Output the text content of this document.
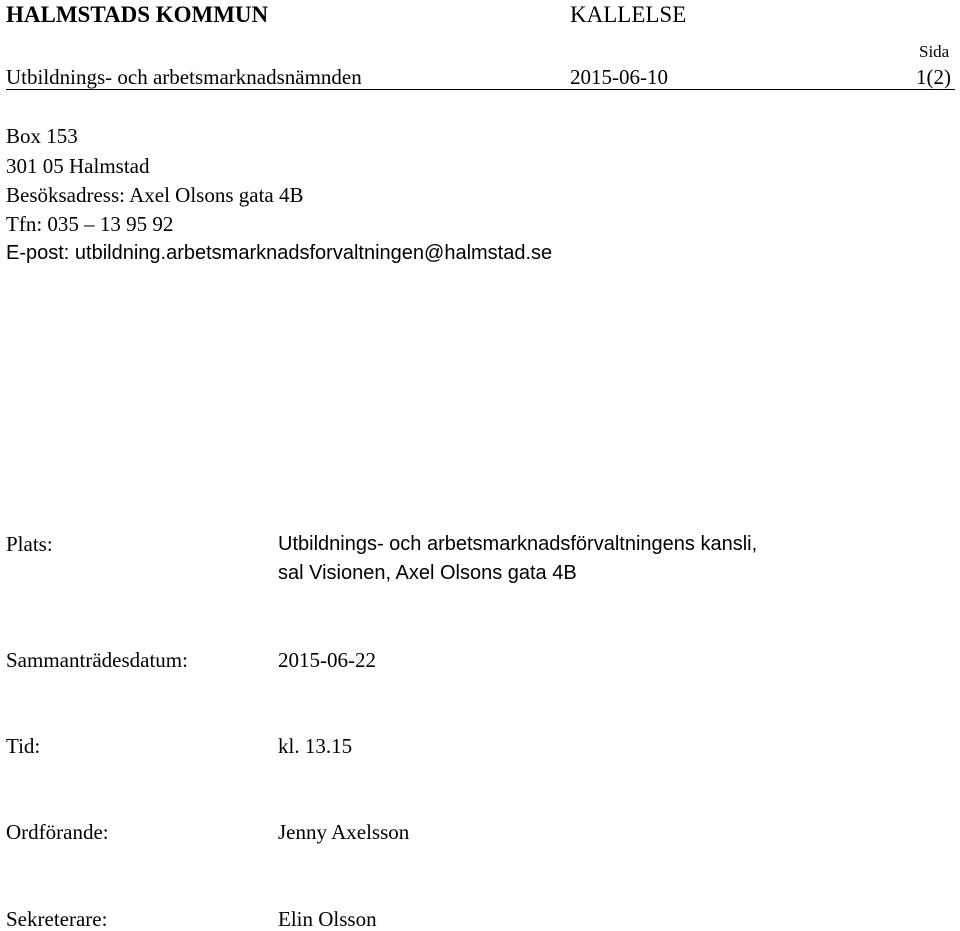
HALMSTADS KOMMUN	KALLELSE
Sida
Utbildnings- och arbetsmarknadsnämnden	2015-06-10	1(2)
Box 153
301 05 Halmstad
Besöksadress: Axel Olsons gata 4B
Tfn: 035 – 13 95 92
E-post: utbildning.arbetsmarknadsforvaltningen@halmstad.se
Plats:	Utbildnings- och arbetsmarknadsförvaltningens kansli,
sal Visionen, Axel Olsons gata 4B
Sammanträdesdatum:	2015-06-22
Tid:	kl. 13.15
Ordförande:	Jenny Axelsson
Sekreterare:	Elin Olsson
